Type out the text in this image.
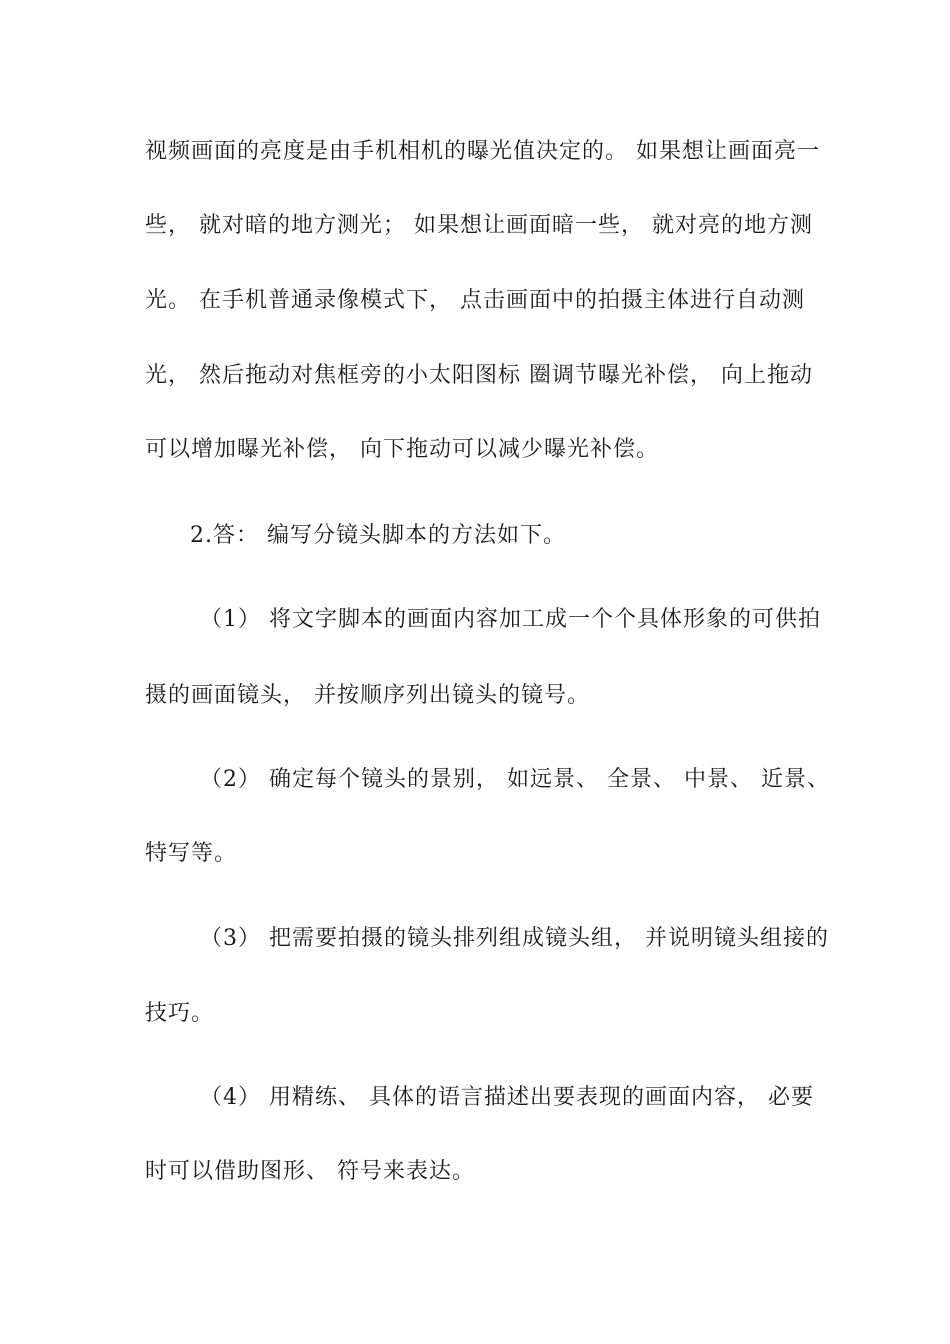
视频画面的亮度是由手机相机的曝光值决定的。 如果想让画面亮一
些， 就对暗的地方测光； 如果想让画面暗一些， 就对亮的地方测
光。 在手机普通录像模式下， 点击画面中的拍摄主体进行自动测
光， 然后拖动对焦框旁的小太阳图标 圈调节曝光补偿， 向上拖动
可以增加曝光补偿， 向下拖动可以减少曝光补偿。
2.答： 编写分镜头脚本的方法如下。
（1） 将文字脚本的画面内容加工成一个个具体形象的可供拍
摄的画面镜头， 并按顺序列出镜头的镜号。
（2） 确定每个镜头的景别， 如远景、 全景、 中景、 近景、
特写等。
（3） 把需要拍摄的镜头排列组成镜头组， 并说明镜头组接的
技巧。
（4） 用精练、 具体的语言描述出要表现的画面内容， 必要
时可以借助图形、 符号来表达。
